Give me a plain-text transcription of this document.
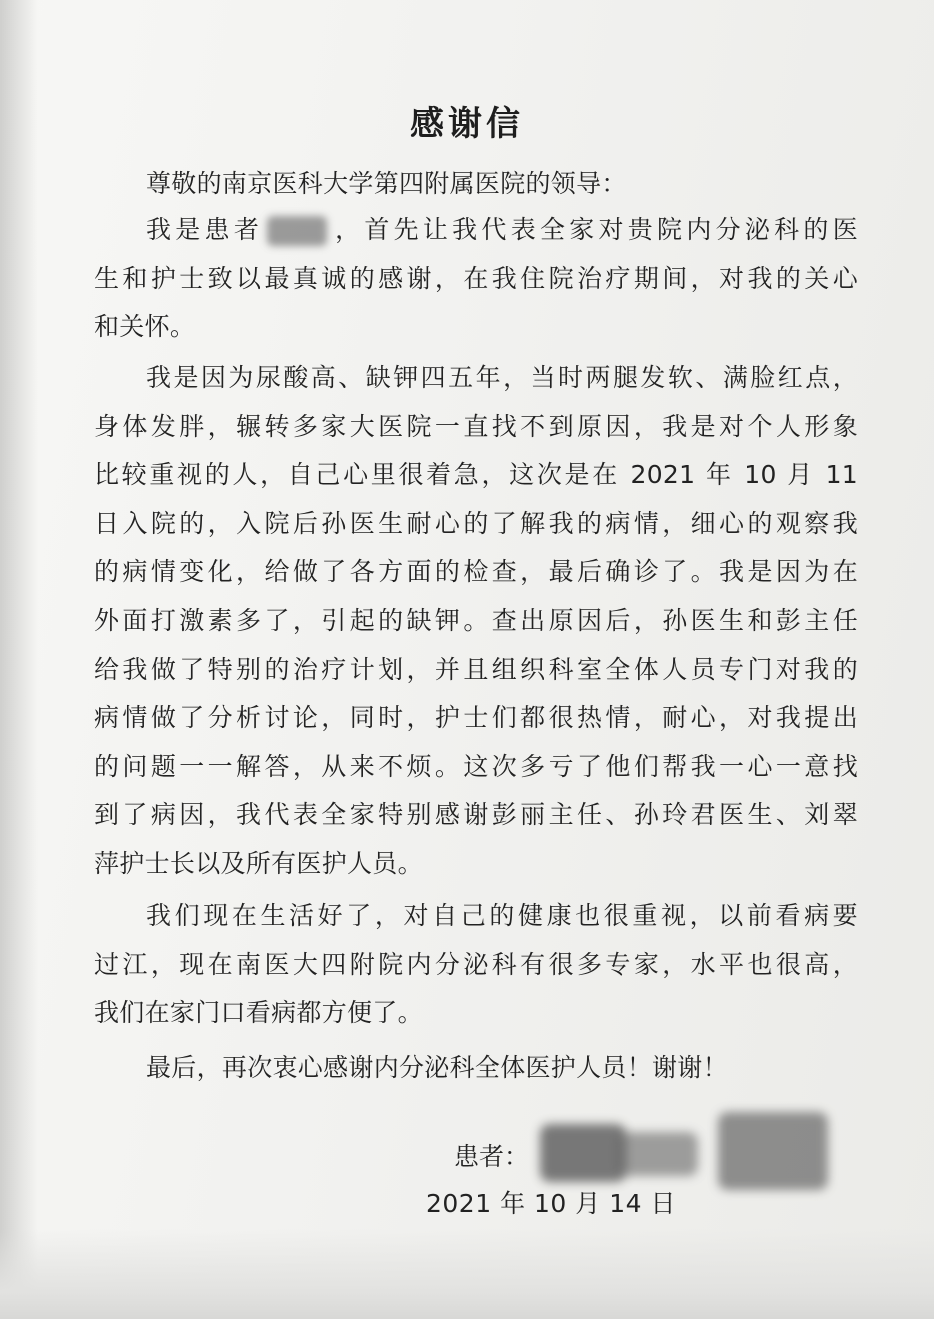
感谢信
尊敬的南京医科大学第四附属医院的领导：
我是患者	，首先让我代表全家对贵院内分泌科的医
生和护士致以最真诚的感谢，在我住院治疗期间，对我的关心
和关怀。
我是因为尿酸高、缺钾四五年，当时两腿发软、满脸红点，
身体发胖，辗转多家大医院一直找不到原因，我是对个人形象
比较重视的人，自己心里很着急，这次是在 2021 年 10 月 11
日入院的，入院后孙医生耐心的了解我的病情，细心的观察我
的病情变化，给做了各方面的检查，最后确诊了。我是因为在
外面打激素多了，引起的缺钾。查出原因后，孙医生和彭主任
给我做了特别的治疗计划，并且组织科室全体人员专门对我的
病情做了分析讨论，同时，护士们都很热情，耐心，对我提出
的问题一一解答，从来不烦。这次多亏了他们帮我一心一意找
到了病因，我代表全家特别感谢彭丽主任、孙玲君医生、刘翠
萍护士长以及所有医护人员。
我们现在生活好了，对自己的健康也很重视，以前看病要
过江，现在南医大四附院内分泌科有很多专家，水平也很高，
我们在家门口看病都方便了。
最后，再次衷心感谢内分泌科全体医护人员！谢谢！
患者：
2021 年 10 月 14 日
